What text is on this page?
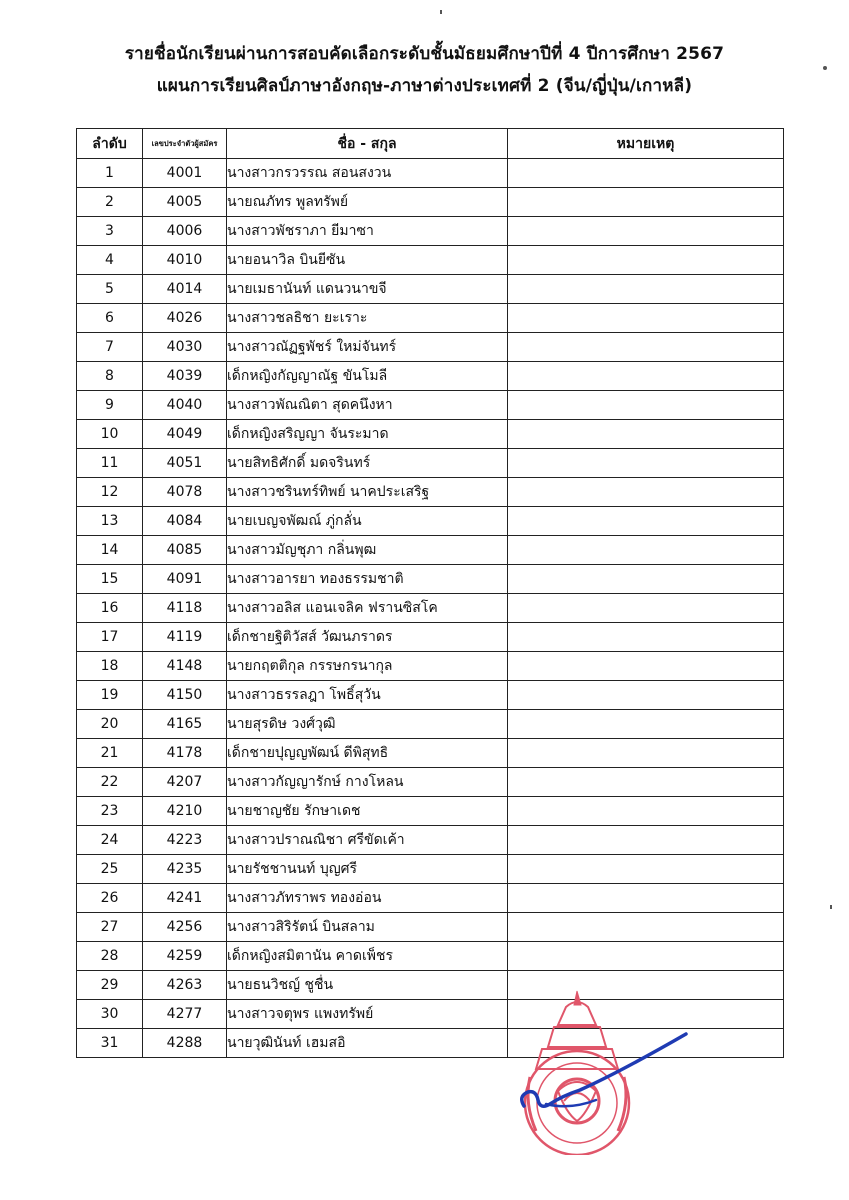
รายชื่อนักเรียนผ่านการสอบคัดเลือกระดับชั้นมัธยมศึกษาปีที่ 4 ปีการศึกษา 2567
แผนการเรียนศิลป์ภาษาอังกฤษ-ภาษาต่างประเทศที่ 2 (จีน/ญี่ปุ่น/เกาหลี)
ลำดับ	เลขประจำตัวผู้สมัคร	ชื่อ - สกุล	หมายเหตุ
1	4001	นางสาวกรวรรณ สอนสงวน	
2	4005	นายณภัทร พูลทรัพย์	
3	4006	นางสาวพัชราภา ยีมาซา	
4	4010	นายอนาวิล บินยีซัน	
5	4014	นายเมธานันท์ แดนวนาขจี	
6	4026	นางสาวชลธิชา ยะเราะ	
7	4030	นางสาวณัฏฐพัชร์ ใหม่จันทร์	
8	4039	เด็กหญิงกัญญาณัฐ ขันโมลี	
9	4040	นางสาวพัณณิตา สุดคนึงหา	
10	4049	เด็กหญิงสริญญา จันระมาด	
11	4051	นายสิทธิศักดิ์ มดจรินทร์	
12	4078	นางสาวชรินทร์ทิพย์ นาคประเสริฐ	
13	4084	นายเบญจพัฒณ์ ภู่กลั่น	
14	4085	นางสาวมัญชุภา กลิ่นพุฒ	
15	4091	นางสาวอารยา ทองธรรมชาติ	
16	4118	นางสาวอลิส แอนเจลิค ฟรานซิสโค	
17	4119	เด็กชายฐิติวัสส์ วัฒนภราดร	
18	4148	นายกฤตติกุล กรรษกรนากุล	
19	4150	นางสาวธรรลฎา โพธิ์สุวัน	
20	4165	นายสุรดิษ วงศ์วุฒิ	
21	4178	เด็กชายปุญญพัฒน์ ดีพิสุทธิ	
22	4207	นางสาวกัญญารักษ์ กางโหลน	
23	4210	นายชาญชัย รักษาเดช	
24	4223	นางสาวปราณณิชา ศรีขัดเค้า	
25	4235	นายรัชชานนท์ บุญศรี	
26	4241	นางสาวภัทราพร ทองอ่อน	
27	4256	นางสาวสิริรัตน์ บินสลาม	
28	4259	เด็กหญิงสมิตานัน คาดเพ็ชร	
29	4263	นายธนวิชญ์ ชูชื่น	
30	4277	นางสาวจตุพร แพงทรัพย์	
31	4288	นายวุฒินันท์ เฮมสอิ	
